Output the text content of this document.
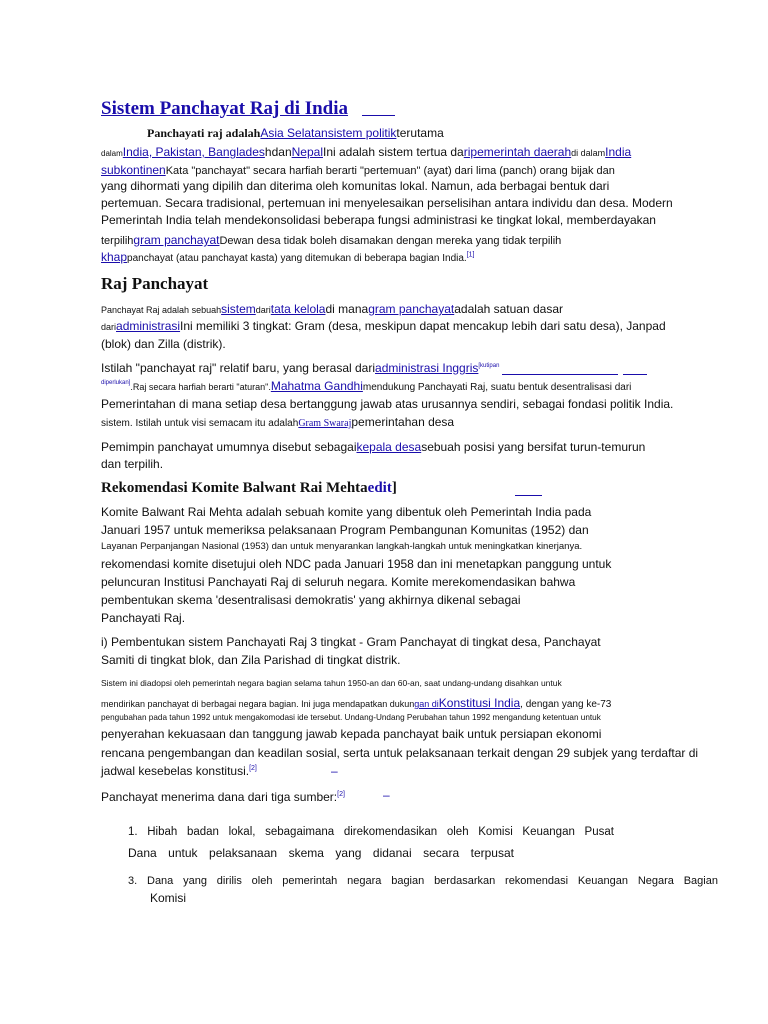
Sistem Panchayat Raj di India
Panchayati raj adalahAsia Selatansistem politikterutama
dalamIndia, Pakistan, BangladeshdanNepalIni adalah sistem tertua daripemerintah daerahdi dalamIndia
subkontinenKata "panchayat" secara harfiah berarti "pertemuan" (ayat) dari lima (panch) orang bijak dan
yang dihormati yang dipilih dan diterima oleh komunitas lokal. Namun, ada berbagai bentuk dari
pertemuan. Secara tradisional, pertemuan ini menyelesaikan perselisihan antara individu dan desa. Modern
Pemerintah India telah mendekonsolidasi beberapa fungsi administrasi ke tingkat lokal, memberdayakan
terpilihgram panchayatDewan desa tidak boleh disamakan dengan mereka yang tidak terpilih
khappanchayat (atau panchayat kasta) yang ditemukan di beberapa bagian India.[1]
Raj Panchayat
Panchayat Raj adalah sebuahsistemdaritata keloladi managram panchayatadalah satuan dasar
dariadministrasiIni memiliki 3 tingkat: Gram (desa, meskipun dapat mencakup lebih dari satu desa), Janpad
(blok) dan Zilla (distrik).
Istilah "panchayat raj" relatif baru, yang berasal dariadministrasi Inggris$^{[kutipan}$
$^{diperlukan]}$.Raj secara harfiah berarti "aturan".Mahatma Gandhimendukung Panchayati Raj, suatu bentuk desentralisasi dari
Pemerintahan di mana setiap desa bertanggung jawab atas urusannya sendiri, sebagai fondasi politik India.
sistem. Istilah untuk visi semacam itu adalahGram Swarajpemerintahan desa
Pemimpin panchayat umumnya disebut sebagaikepala desasebuah posisi yang bersifat turun-temurun
dan terpilih.
Rekomendasi Komite Balwant Rai Mehtaedit]
Komite Balwant Rai Mehta adalah sebuah komite yang dibentuk oleh Pemerintah India pada
Januari 1957 untuk memeriksa pelaksanaan Program Pembangunan Komunitas (1952) dan
Layanan Perpanjangan Nasional (1953) dan untuk menyarankan langkah-langkah untuk meningkatkan kinerjanya.
rekomendasi komite disetujui oleh NDC pada Januari 1958 dan ini menetapkan panggung untuk
peluncuran Institusi Panchayati Raj di seluruh negara. Komite merekomendasikan bahwa
pembentukan skema 'desentralisasi demokratis' yang akhirnya dikenal sebagai
Panchayati Raj.
i) Pembentukan sistem Panchayati Raj 3 tingkat - Gram Panchayat di tingkat desa, Panchayat
Samiti di tingkat blok, dan Zila Parishad di tingkat distrik.
Sistem ini diadopsi oleh pemerintah negara bagian selama tahun 1950-an dan 60-an, saat undang-undang disahkan untuk
mendirikan panchayat di berbagai negara bagian. Ini juga mendapatkan dukungan diKonstitusi India, dengan yang ke-73
pengubahan pada tahun 1992 untuk mengakomodasi ide tersebut. Undang-Undang Perubahan tahun 1992 mengandung ketentuan untuk
penyerahan kekuasaan dan tanggung jawab kepada panchayat baik untuk persiapan ekonomi
rencana pengembangan dan keadilan sosial, serta untuk pelaksanaan terkait dengan 29 subjek yang terdaftar di
jadwal kesebelas konstitusi.[2]	–
Panchayat menerima dana dari tiga sumber:[2]	–
1. Hibah badan lokal, sebagaimana direkomendasikan oleh Komisi Keuangan Pusat
Dana untuk pelaksanaan skema yang didanai secara terpusat
3. Dana yang dirilis oleh pemerintah negara bagian berdasarkan rekomendasi Keuangan Negara Bagian
Komisi
